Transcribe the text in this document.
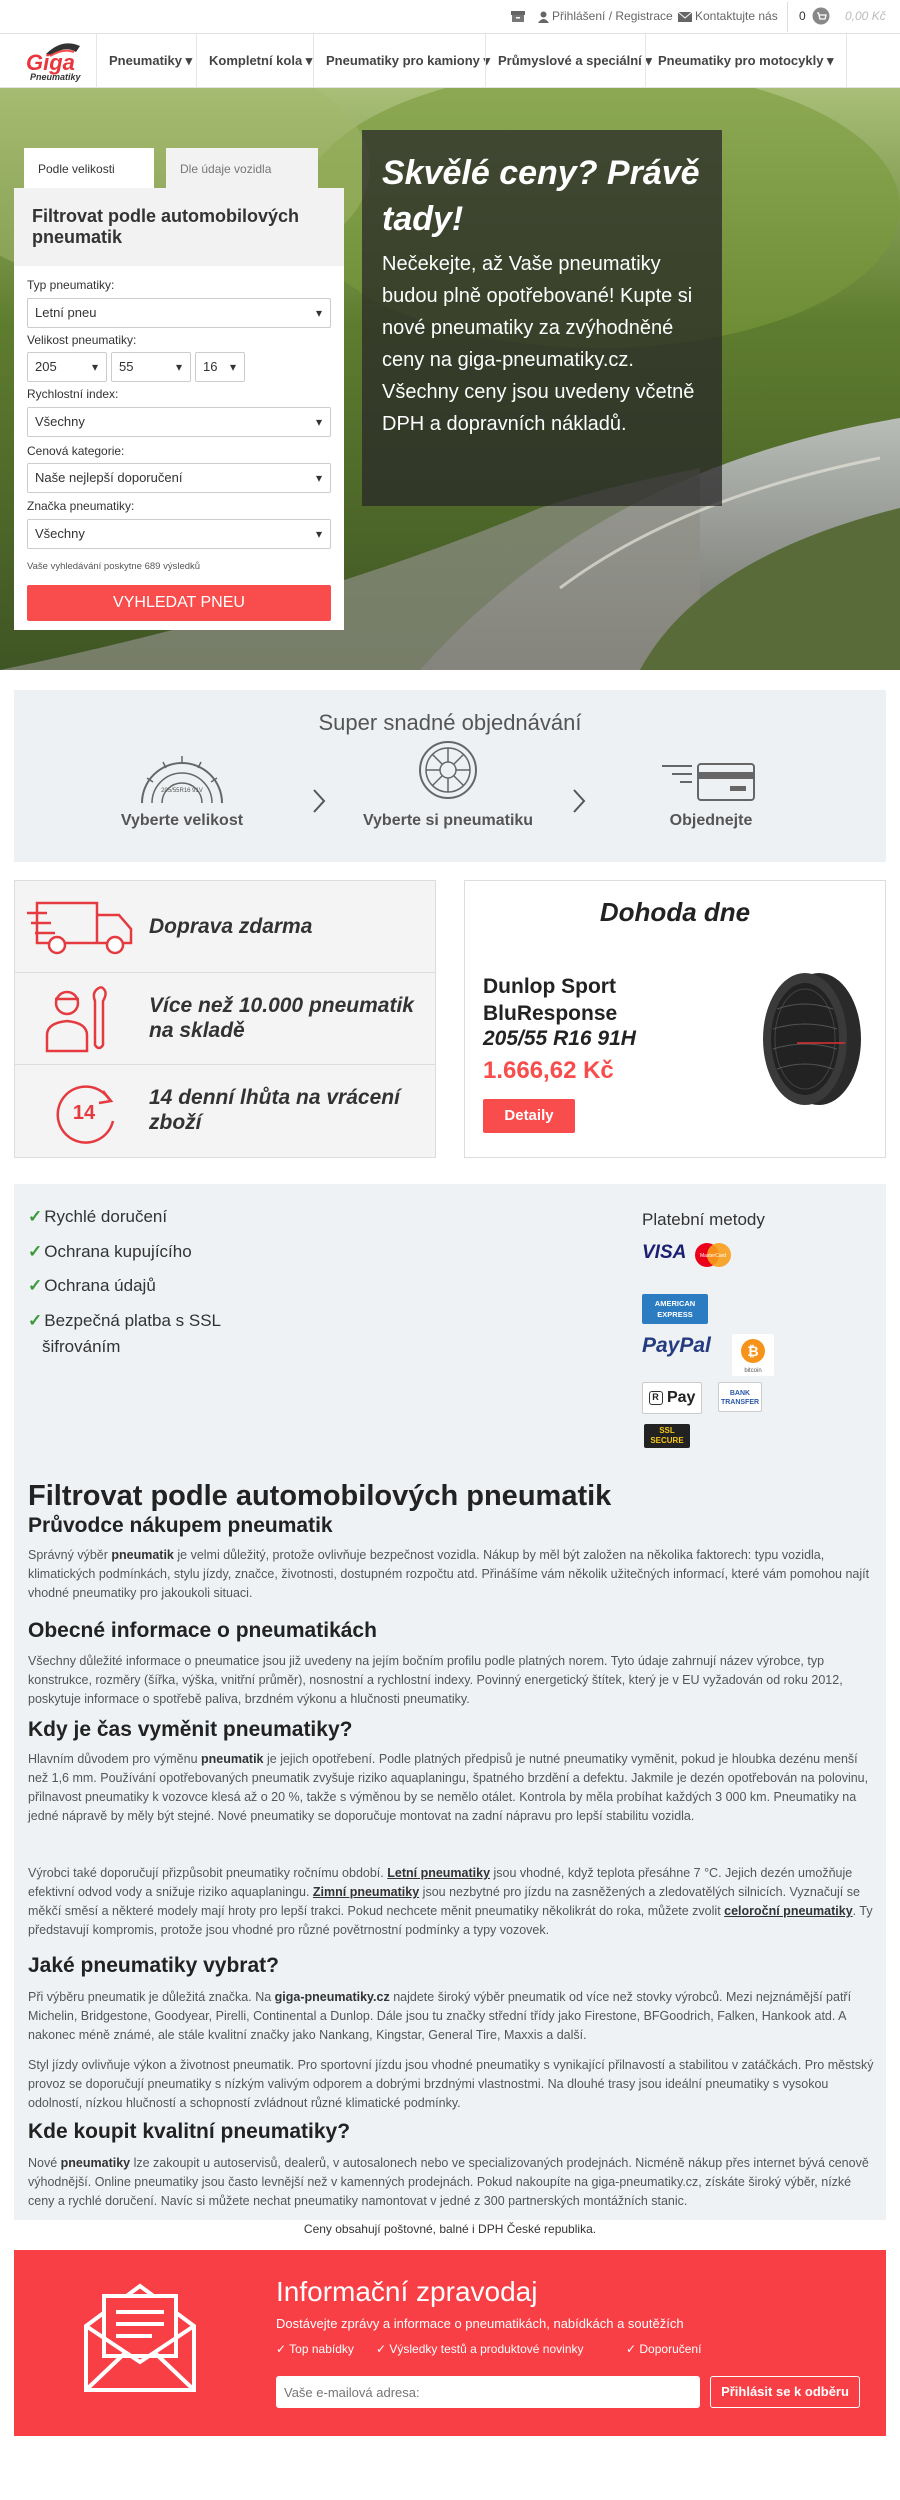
Přihlášení / Registrace	Kontaktujte nás 0	0,00 Kč
Pneumatiky ▾	Kompletní kola ▾	Pneumatiky pro kamiony ▾ Průmyslové a speciální ▾ Pneumatiky pro motocykly ▾
Giga
Pneumatiky
Skvělé ceny? Právě tady!

Nečekejte, až Vaše pneumatiky budou plně opotřebované! Kupte si nové pneumatiky za zvýhodněné ceny na giga-pneumatiky.cz. Všechny ceny jsou uvedeny včetně DPH a dopravních nákladů.

Podle velikosti	Dle údaje vozidla
Filtrovat podle automobilových pneumatik
Typ pneumatiky:
Letní pneu ▾
Velikost pneumatiky:
205 ▾	55 ▾	16 ▾
Rychlostní index:
Všechny ▾
Cenová kategorie:
Naše nejlepší doporučení ▾
Značka pneumatiky:
Všechny ▾
Vaše vyhledávání poskytne 689 výsledků
VYHLEDAT PNEU
Super snadné objednávání
205/55R16 91V
Vyberte velikost	Vyberte si pneumatiku	Objednejte
Doprava zdarma
Více než 10.000 pneumatik na skladě
14
14 denní lhůta na vrácení zboží
Dohoda dne
Dunlop Sport BluResponse
205/55 R16 91H
1.666,62 Kč
Detaily
✓ Rychlé doručení
✓ Ochrana kupujícího
✓ Ochrana údajů
✓ Bezpečná platba s SSL šifrováním
Platební metody
VISA	MasterCard
AMERICAN EXPRESS
PayPal	₿
bitcoin
R Pay	BANK TRANSFER
SSL SECURE
Filtrovat podle automobilových pneumatik
Průvodce nákupem pneumatik
Správný výběr pneumatik je velmi důležitý, protože ovlivňuje bezpečnost vozidla. Nákup by měl být založen na několika faktorech: typu vozidla, klimatických podmínkách, stylu jízdy, značce, životnosti, dostupném rozpočtu atd. Přinášíme vám několik užitečných informací, které vám pomohou najít vhodné pneumatiky pro jakoukoli situaci.
Obecné informace o pneumatikách
Všechny důležité informace o pneumatice jsou již uvedeny na jejím bočním profilu podle platných norem. Tyto údaje zahrnují název výrobce, typ konstrukce, rozměry (šířka, výška, vnitřní průměr), nosnostní a rychlostní indexy. Povinný energetický štítek, který je v EU vyžadován od roku 2012, poskytuje informace o spotřebě paliva, brzdném výkonu a hlučnosti pneumatiky.
Kdy je čas vyměnit pneumatiky?
Hlavním důvodem pro výměnu pneumatik je jejich opotřebení. Podle platných předpisů je nutné pneumatiky vyměnit, pokud je hloubka dezénu menší než 1,6 mm. Používání opotřebovaných pneumatik zvyšuje riziko aquaplaningu, špatného brzdění a defektu. Jakmile je dezén opotřebován na polovinu, přilnavost pneumatiky k vozovce klesá až o 20 %, takže s výměnou by se nemělo otálet. Kontrola by měla probíhat každých 3 000 km. Pneumatiky na jedné nápravě by měly být stejné. Nové pneumatiky se doporučuje montovat na zadní nápravu pro lepší stabilitu vozidla.
Výrobci také doporučují přizpůsobit pneumatiky ročnímu období. Letní pneumatiky jsou vhodné, když teplota přesáhne 7 °C. Jejich dezén umožňuje efektivní odvod vody a snižuje riziko aquaplaningu. Zimní pneumatiky jsou nezbytné pro jízdu na zasněžených a zledovatělých silnicích. Vyznačují se měkčí směsí a některé modely mají hroty pro lepší trakci. Pokud nechcete měnit pneumatiky několikrát do roka, můžete zvolit celoroční pneumatiky. Ty představují kompromis, protože jsou vhodné pro různé povětrnostní podmínky a typy vozovek.
Jaké pneumatiky vybrat?
Při výběru pneumatik je důležitá značka. Na giga-pneumatiky.cz najdete široký výběr pneumatik od více než stovky výrobců. Mezi nejznámější patří Michelin, Bridgestone, Goodyear, Pirelli, Continental a Dunlop. Dále jsou tu značky střední třídy jako Firestone, BFGoodrich, Falken, Hankook atd. A nakonec méně známé, ale stále kvalitní značky jako Nankang, Kingstar, General Tire, Maxxis a další.
Styl jízdy ovlivňuje výkon a životnost pneumatik. Pro sportovní jízdu jsou vhodné pneumatiky s vynikající přilnavostí a stabilitou v zatáčkách. Pro městský provoz se doporučují pneumatiky s nízkým valivým odporem a dobrými brzdnými vlastnostmi. Na dlouhé trasy jsou ideální pneumatiky s vysokou odolností, nízkou hlučností a schopností zvládnout různé klimatické podmínky.
Kde koupit kvalitní pneumatiky?
Nové pneumatiky lze zakoupit u autoservisů, dealerů, v autosalonech nebo ve specializovaných prodejnách. Nicméně nákup přes internet bývá cenově výhodnější. Online pneumatiky jsou často levnější než v kamenných prodejnách. Pokud nakoupíte na giga-pneumatiky.cz, získáte široký výběr, nízké ceny a rychlé doručení. Navíc si můžete nechat pneumatiky namontovat v jedné z 300 partnerských montážních stanic.
Ceny obsahují poštovné, balné i DPH České republika.
Informační zpravodaj
Dostávejte zprávy a informace o pneumatikách, nabídkách a soutěžích
✓ Top nabídky ✓ Výsledky testů a produktové novinky	✓ Doporučení
Vaše e-mailová adresa:
Přihlásit se k odběru
